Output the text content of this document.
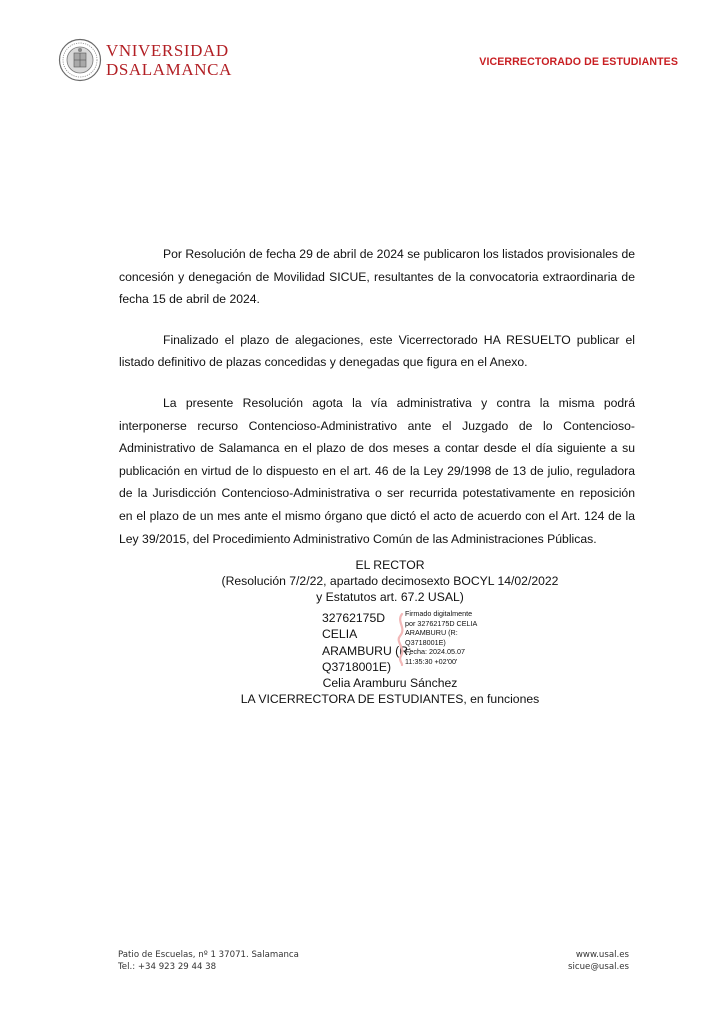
VNIVERSIDAD
DSALAMANCA	VICERRECTORADO DE ESTUDIANTES

Por Resolución de fecha 29 de abril de 2024 se publicaron los listados provisionales de concesión y denegación de Movilidad SICUE, resultantes de la convocatoria extraordinaria de fecha 15 de abril de 2024.

Finalizado el plazo de alegaciones, este Vicerrectorado HA RESUELTO publicar el listado definitivo de plazas concedidas y denegadas que figura en el Anexo.

La presente Resolución agota la vía administrativa y contra la misma podrá interponerse recurso Contencioso-Administrativo ante el Juzgado de lo Contencioso-Administrativo de Salamanca en el plazo de dos meses a contar desde el día siguiente a su publicación en virtud de lo dispuesto en el art. 46 de la Ley 29/1998 de 13 de julio, reguladora de la Jurisdicción Contencioso-Administrativa o ser recurrida potestativamente en reposición en el plazo de un mes ante el mismo órgano que dictó el acto de acuerdo con el Art. 124 de la Ley 39/2015, del Procedimiento Administrativo Común de las Administraciones Públicas.

EL RECTOR
(Resolución 7/2/22, apartado decimosexto BOCYL 14/02/2022
y Estatutos art. 67.2 USAL)
32762175D
CELIA
ARAMBURU (R:
Q3718001E)
Firmado digitalmente
por 32762175D CELIA
ARAMBURU (R:
Q3718001E)
Fecha: 2024.05.07
11:35:30 +02'00'
Celia Aramburu Sánchez
LA VICERRECTORA DE ESTUDIANTES, en funciones
Patio de Escuelas, nº 1 37071. Salamanca
Tel.: +34 923 29 44 38
www.usal.es
sicue@usal.es
